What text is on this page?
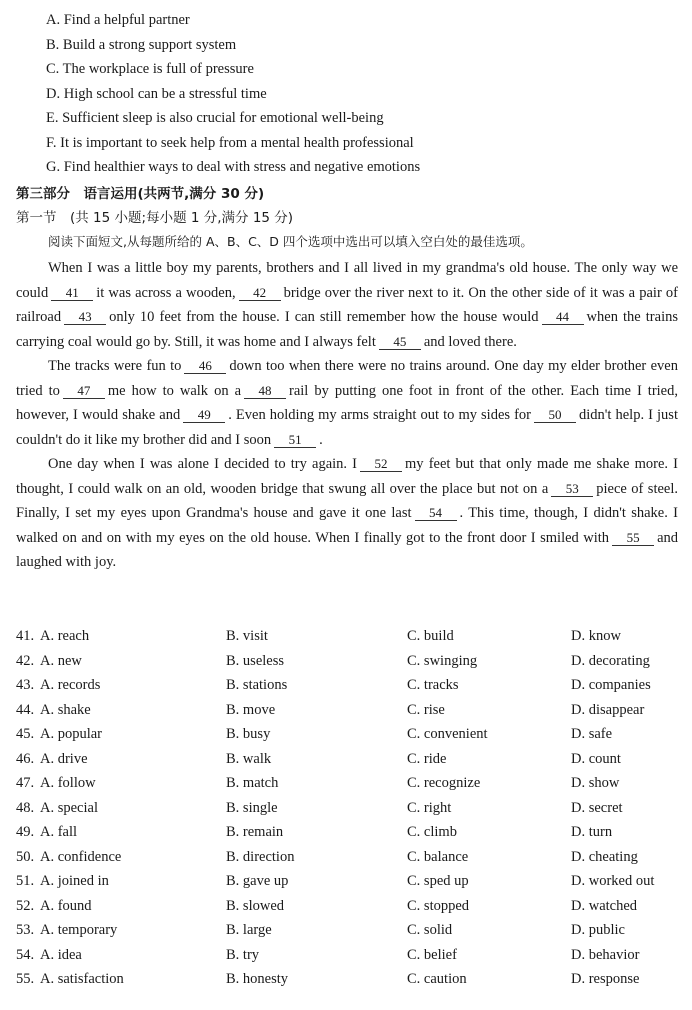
A. Find a helpful partner
B. Build a strong support system
C. The workplace is full of pressure
D. High school can be a stressful time
E. Sufficient sleep is also crucial for emotional well-being
F. It is important to seek help from a mental health professional
G. Find healthier ways to deal with stress and negative emotions
第三部分　语言运用(共两节,满分 30 分)
第一节　(共 15 小题;每小题 1 分,满分 15 分)
阅读下面短文,从每题所给的 A、B、C、D 四个选项中选出可以填入空白处的最佳选项。

When I was a little boy my parents, brothers and I all lived in my grandma's old house. The only way we could 41 it was across a wooden, 42 bridge over the river next to it. On the other side of it was a pair of railroad 43 only 10 feet from the house. I can still remember how the house would 44 when the trains carrying coal would go by. Still, it was home and I always felt 45 and loved there.

The tracks were fun to 46 down too when there were no trains around. One day my elder brother even tried to 47 me how to walk on a 48 rail by putting one foot in front of the other. Each time I tried, however, I would shake and 49 . Even holding my arms straight out to my sides for 50 didn't help. I just couldn't do it like my brother did and I soon 51 .

One day when I was alone I decided to try again. I 52 my feet but that only made me shake more. I thought, I could walk on an old, wooden bridge that swung all over the place but not on a 53 piece of steel. Finally, I set my eyes upon Grandma's house and gave it one last 54 . This time, though, I didn't shake. I walked on and on with my eyes on the old house. When I finally got to the front door I smiled with 55 and laughed with joy.

41. A. reach	B. visit	C. build	D. know
42. A. new	B. useless	C. swinging	D. decorating
43. A. records	B. stations	C. tracks	D. companies
44. A. shake	B. move	C. rise	D. disappear
45. A. popular	B. busy	C. convenient	D. safe
46. A. drive	B. walk	C. ride	D. count
47. A. follow	B. match	C. recognize	D. show
48. A. special	B. single	C. right	D. secret
49. A. fall	B. remain	C. climb	D. turn
50. A. confidence	B. direction	C. balance	D. cheating
51. A. joined in	B. gave up	C. sped up	D. worked out
52. A. found	B. slowed	C. stopped	D. watched
53. A. temporary	B. large	C. solid	D. public
54. A. idea	B. try	C. belief	D. behavior
55. A. satisfaction	B. honesty	C. caution	D. response
